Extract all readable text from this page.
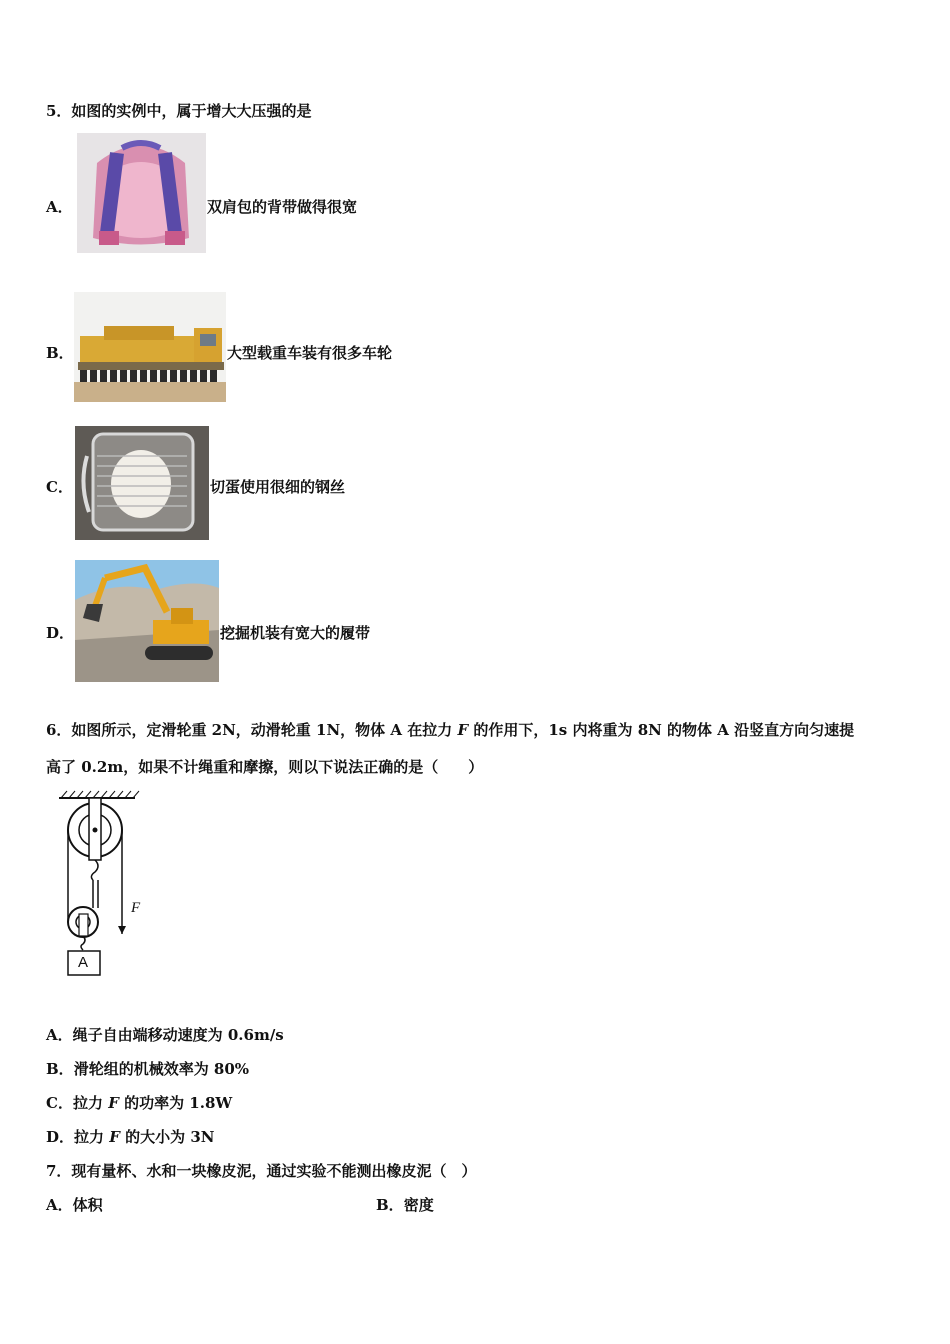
5．如图的实例中，属于增大大压强的是
A．	双肩包的背带做得很宽
B．	大型载重车装有很多车轮
C．	切蛋使用很细的钢丝
D．	挖掘机装有宽大的履带
6．如图所示，定滑轮重 2N，动滑轮重 1N，物体 A 在拉力 F 的作用下，1s 内将重为 8N 的物体 A 沿竖直方向匀速提
高了 0.2m，如果不计绳重和摩擦，则以下说法正确的是（　　）
F
A
A．绳子自由端移动速度为 0.6m/s
B．滑轮组的机械效率为 80%
C．拉力 F 的功率为 1.8W
D．拉力 F 的大小为 3N
7．现有量杯、水和一块橡皮泥，通过实验不能测出橡皮泥（　）
A．体积	B．密度
